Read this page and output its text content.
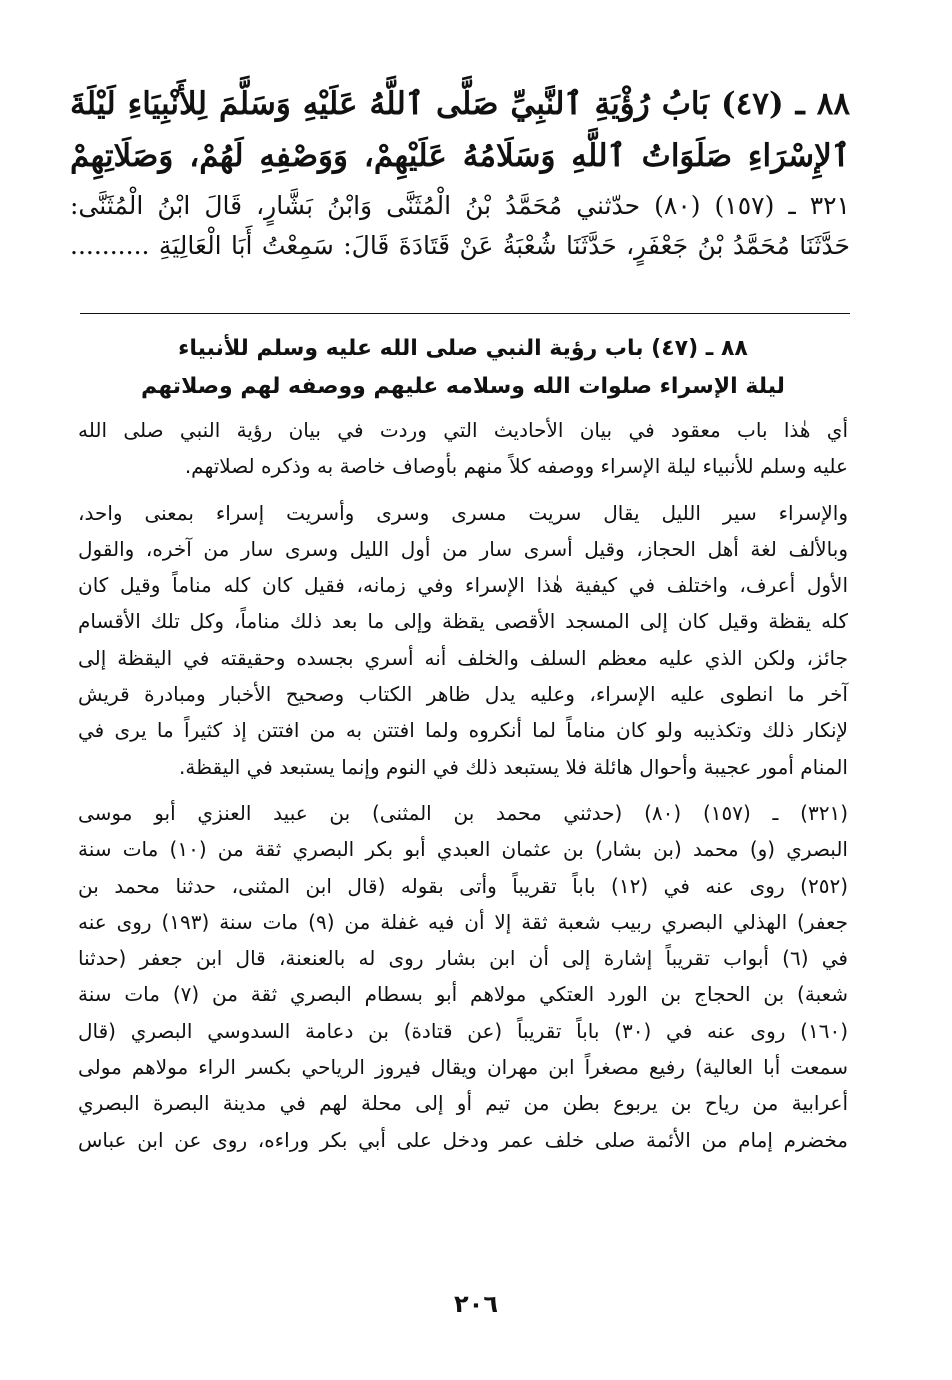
٨٨ ـ (٤٧) بَابُ رُؤْيَةِ ٱلنَّبِيِّ صَلَّى ٱللَّهُ عَلَيْهِ وَسَلَّمَ لِلأَنْبِيَاءِ لَيْلَةَ
ٱلإِسْرَاءِ صَلَوَاتُ ٱللَّهِ وَسَلَامُهُ عَلَيْهِمْ، وَوَصْفِهِ لَهُمْ، وَصَلَاتِهِمْ
٣٢١ ـ (١٥٧) (٨٠) حدّثني مُحَمَّدُ بْنُ الْمُثَنَّى وَابْنُ بَشَّارٍ، قَالَ ابْنُ الْمُثَنَّى:
حَدَّثَنَا مُحَمَّدُ بْنُ جَعْفَرٍ، حَدَّثَنَا شُعْبَةُ عَنْ قَتَادَةَ قَالَ: سَمِعْتُ أَبَا الْعَالِيَةِ ..........
٨٨ ـ (٤٧) باب رؤية النبي صلى الله عليه وسلم للأنبياء
ليلة الإسراء صلوات الله وسلامه عليهم ووصفه لهم وصلاتهم
أي هٰذا باب معقود في بيان الأحاديث التي وردت في بيان رؤية النبي صلى الله
عليه وسلم للأنبياء ليلة الإسراء ووصفه كلاً منهم بأوصاف خاصة به وذكره لصلاتهم.
والإسراء سير الليل يقال سريت مسرى وسرى وأسريت إسراء بمعنى واحد،
وبالألف لغة أهل الحجاز، وقيل أسرى سار من أول الليل وسرى سار من آخره، والقول
الأول أعرف، واختلف في كيفية هٰذا الإسراء وفي زمانه، فقيل كان كله مناماً وقيل كان
كله يقظة وقيل كان إلى المسجد الأقصى يقظة وإلى ما بعد ذلك مناماً، وكل تلك الأقسام
جائز، ولكن الذي عليه معظم السلف والخلف أنه أسري بجسده وحقيقته في اليقظة إلى
آخر ما انطوى عليه الإسراء، وعليه يدل ظاهر الكتاب وصحيح الأخبار ومبادرة قريش
لإنكار ذلك وتكذيبه ولو كان مناماً لما أنكروه ولما افتتن به من افتتن إذ كثيراً ما يرى في
المنام أمور عجيبة وأحوال هائلة فلا يستبعد ذلك في النوم وإنما يستبعد في اليقظة.
(٣٢١) ـ (١٥٧) (٨٠) (حدثني محمد بن المثنى) بن عبيد العنزي أبو موسى
البصري (و) محمد (بن بشار) بن عثمان العبدي أبو بكر البصري ثقة من (١٠) مات سنة
(٢٥٢) روى عنه في (١٢) باباً تقريباً وأتى بقوله (قال ابن المثنى، حدثنا محمد بن
جعفر) الهذلي البصري ربيب شعبة ثقة إلا أن فيه غفلة من (٩) مات سنة (١٩٣) روى عنه
في (٦) أبواب تقريباً إشارة إلى أن ابن بشار روى له بالعنعنة، قال ابن جعفر (حدثنا
شعبة) بن الحجاج بن الورد العتكي مولاهم أبو بسطام البصري ثقة من (٧) مات سنة
(١٦٠) روى عنه في (٣٠) باباً تقريباً (عن قتادة) بن دعامة السدوسي البصري (قال
سمعت أبا العالية) رفيع مصغراً ابن مهران ويقال فيروز الرياحي بكسر الراء مولاهم مولى
أعرابية من رياح بن يربوع بطن من تيم أو إلى محلة لهم في مدينة البصرة البصري
مخضرم إمام من الأئمة صلى خلف عمر ودخل على أبي بكر وراءه، روى عن ابن عباس
٢٠٦
